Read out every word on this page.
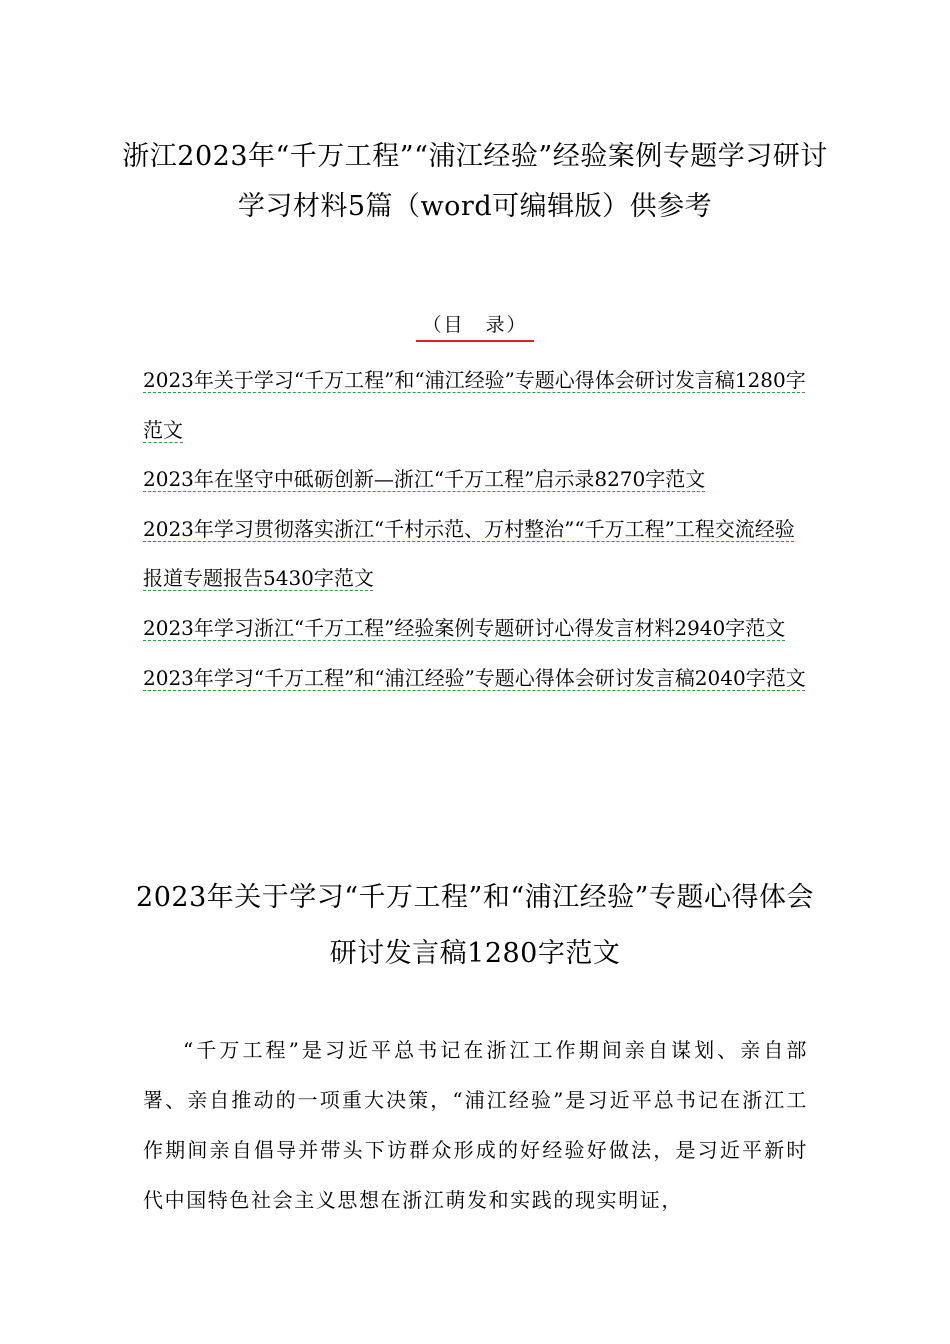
浙江2023年“千万工程”“浦江经验”经验案例专题学习研讨学习材料5篇（word可编辑版）供参考
（目　录）
2023年关于学习“千万工程”和“浦江经验”专题心得体会研讨发言稿1280字范文
2023年在坚守中砥砺创新—浙江“千万工程”启示录8270字范文
2023年学习贯彻落实浙江“千村示范、万村整治”“千万工程”工程交流经验报道专题报告5430字范文
2023年学习浙江“千万工程”经验案例专题研讨心得发言材料2940字范文
2023年学习“千万工程”和“浦江经验”专题心得体会研讨发言稿2040字范文
2023年关于学习“千万工程”和“浦江经验”专题心得体会研讨发言稿1280字范文

“千万工程”是习近平总书记在浙江工作期间亲自谋划、亲自部署、亲自推动的一项重大决策，“浦江经验”是习近平总书记在浙江工作期间亲自倡导并带头下访群众形成的好经验好做法，是习近平新时代中国特色社会主义思想在浙江萌发和实践的现实明证，
